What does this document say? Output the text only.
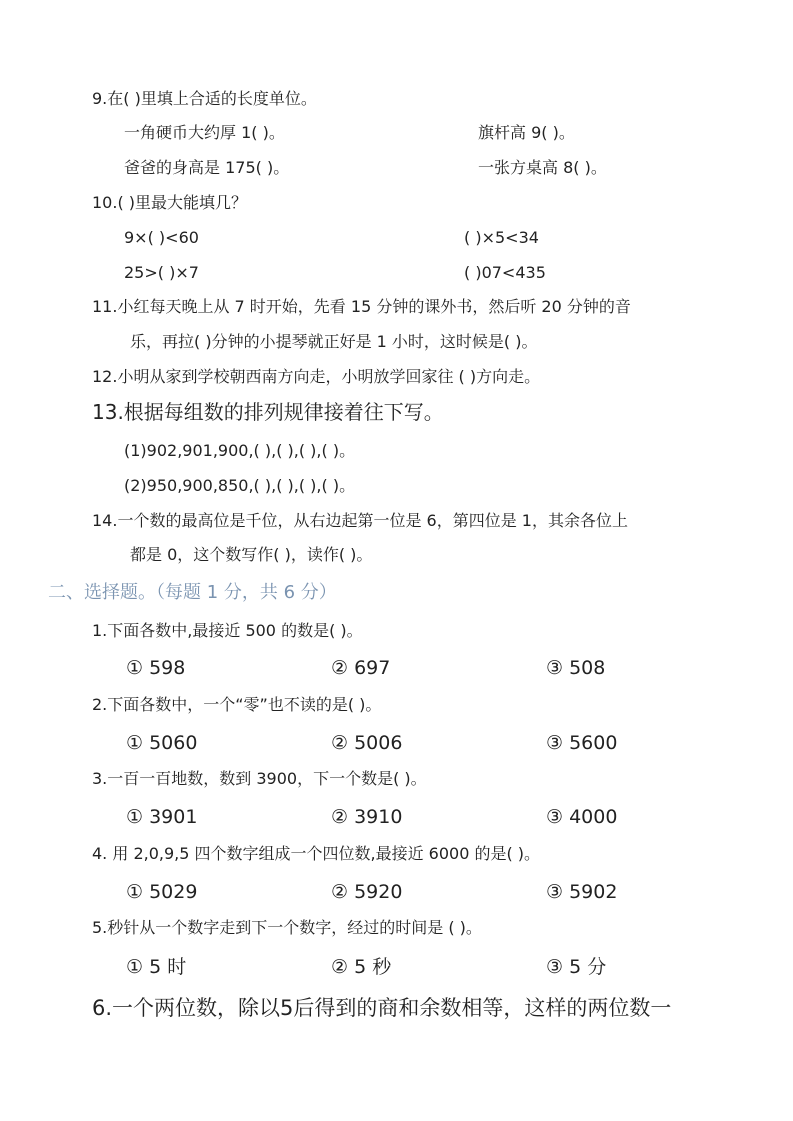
9.在( )里填上合适的长度单位。
一角硬币大约厚 1( )。	旗杆高 9( )。
爸爸的身高是 175( )。	一张方桌高 8( )。
10.( )里最大能填几？
9×( )<60	( )×5<34
25>( )×7	( )07<435
11.小红每天晚上从 7 时开始，先看 15 分钟的课外书，然后听 20 分钟的音
乐，再拉( )分钟的小提琴就正好是 1 小时，这时候是( )。
12.小明从家到学校朝西南方向走，小明放学回家往 ( )方向走。
13.根据每组数的排列规律接着往下写。
(1)902,901,900,( ),( ),( ),( )。
(2)950,900,850,( ),( ),( ),( )。
14.一个数的最高位是千位，从右边起第一位是 6，第四位是 1，其余各位上
都是 0，这个数写作( )，读作( )。
二、选择题。（每题 1 分，共 6 分）
1.下面各数中,最接近 500 的数是( )。
① 598	② 697	③ 508
2.下面各数中，一个“零”也不读的是( )。
① 5060	② 5006	③ 5600
3.一百一百地数，数到 3900，下一个数是( )。
① 3901	② 3910	③ 4000
4. 用 2,0,9,5 四个数字组成一个四位数,最接近 6000 的是( )。
① 5029	② 5920	③ 5902
5.秒针从一个数字走到下一个数字，经过的时间是 ( )。
① 5 时	② 5 秒	③ 5 分
6.一个两位数，除以5后得到的商和余数相等，这样的两位数一
